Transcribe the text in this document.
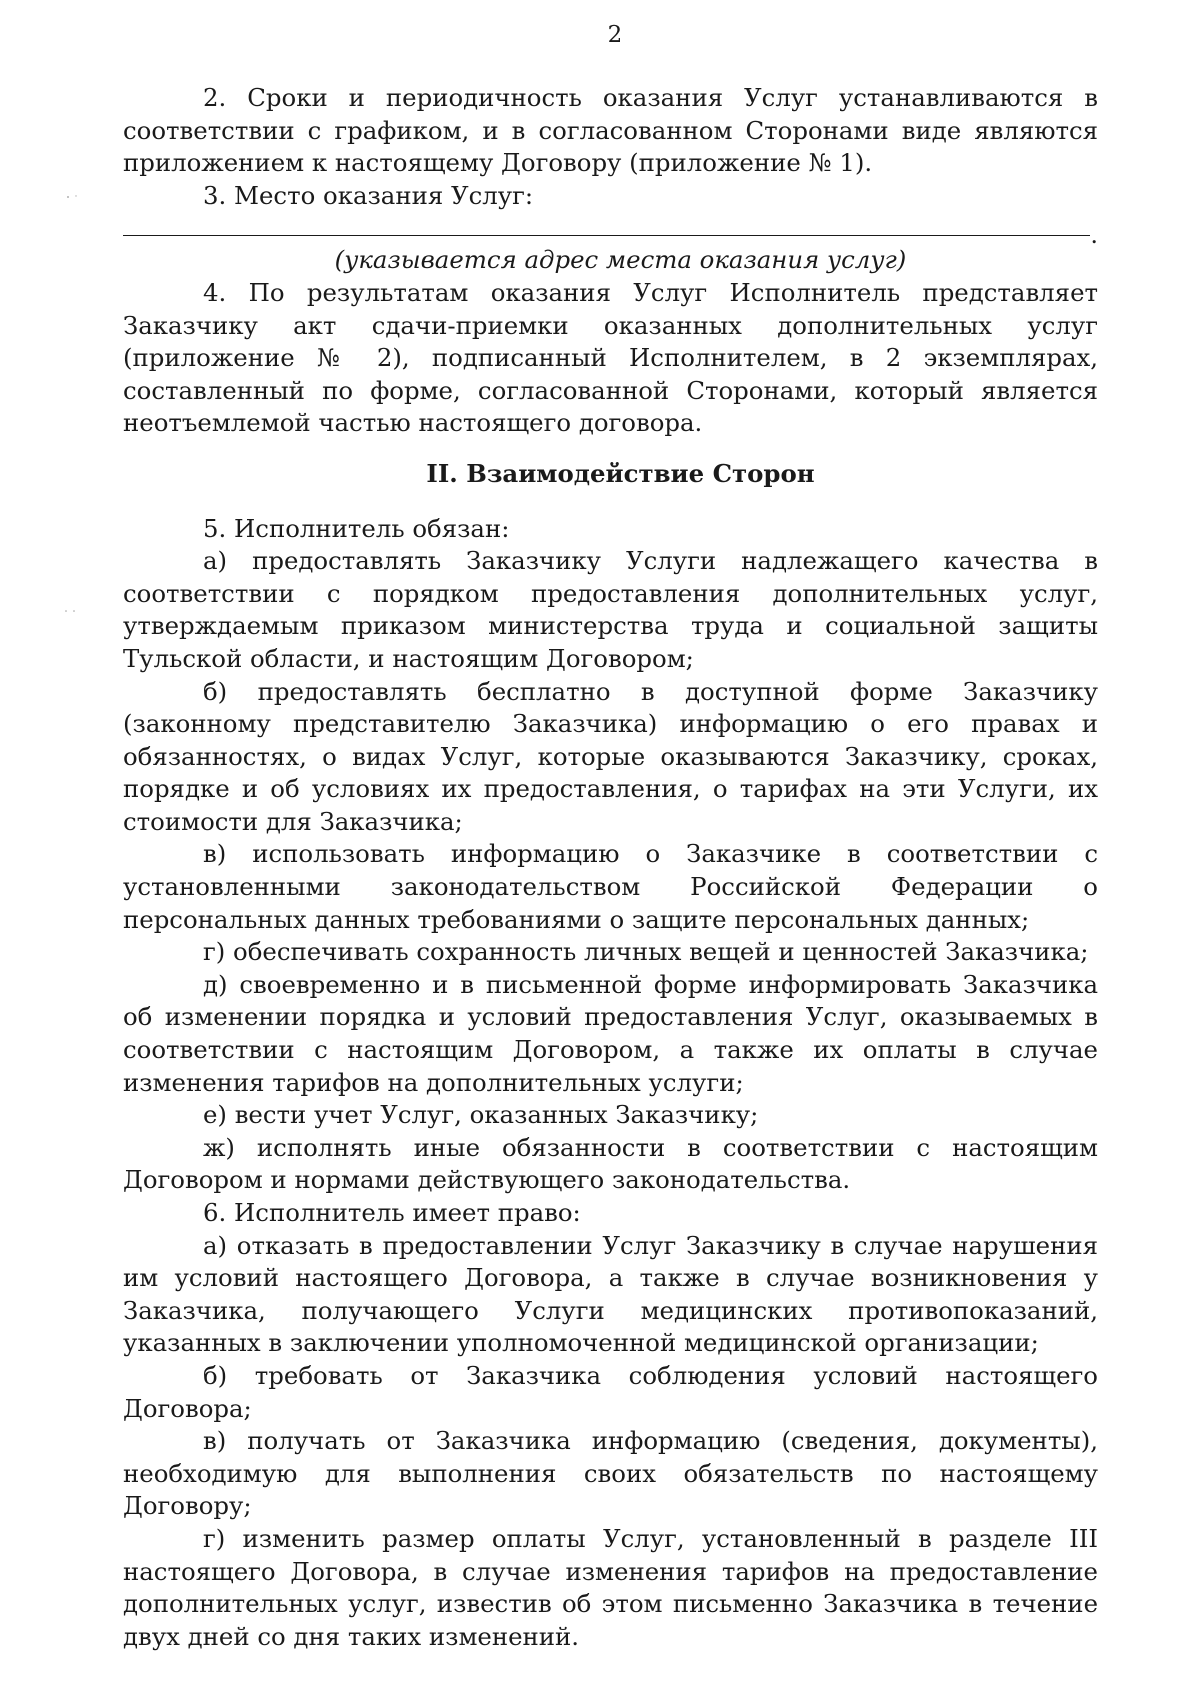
2

2. Сроки и периодичность оказания Услуг устанавливаются в соответствии с графиком, и в согласованном Сторонами виде являются приложением к настоящему Договору (приложение № 1).

3. Место оказания Услуг:

.

(указывается адрес места оказания услуг)

4. По результатам оказания Услуг Исполнитель представляет Заказчику акт сдачи-приемки оказанных дополнительных услуг (приложение № 2), подписанный Исполнителем, в 2 экземплярах, составленный по форме, согласованной Сторонами, который является неотъемлемой частью настоящего договора.

II. Взаимодействие Сторон

5. Исполнитель обязан:

а) предоставлять Заказчику Услуги надлежащего качества в соответствии с порядком предоставления дополнительных услуг, утверждаемым приказом министерства труда и социальной защиты Тульской области, и настоящим Договором;

б) предоставлять бесплатно в доступной форме Заказчику (законному представителю Заказчика) информацию о его правах и обязанностях, о видах Услуг, которые оказываются Заказчику, сроках, порядке и об условиях их предоставления, о тарифах на эти Услуги, их стоимости для Заказчика;

в) использовать информацию о Заказчике в соответствии с установленными законодательством Российской Федерации о персональных данных требованиями о защите персональных данных;

г) обеспечивать сохранность личных вещей и ценностей Заказчика;

д) своевременно и в письменной форме информировать Заказчика об изменении порядка и условий предоставления Услуг, оказываемых в соответствии с настоящим Договором, а также их оплаты в случае изменения тарифов на дополнительных услуги;

е) вести учет Услуг, оказанных Заказчику;

ж) исполнять иные обязанности в соответствии с настоящим Договором и нормами действующего законодательства.

6. Исполнитель имеет право:

а) отказать в предоставлении Услуг Заказчику в случае нарушения им условий настоящего Договора, а также в случае возникновения у Заказчика, получающего Услуги медицинских противопоказаний, указанных в заключении уполномоченной медицинской организации;

б) требовать от Заказчика соблюдения условий настоящего Договора;

в) получать от Заказчика информацию (сведения, документы), необходимую для выполнения своих обязательств по настоящему Договору;

г) изменить размер оплаты Услуг, установленный в разделе III настоящего Договора, в случае изменения тарифов на предоставление дополнительных услуг, известив об этом письменно Заказчика в течение двух дней со дня таких изменений.
